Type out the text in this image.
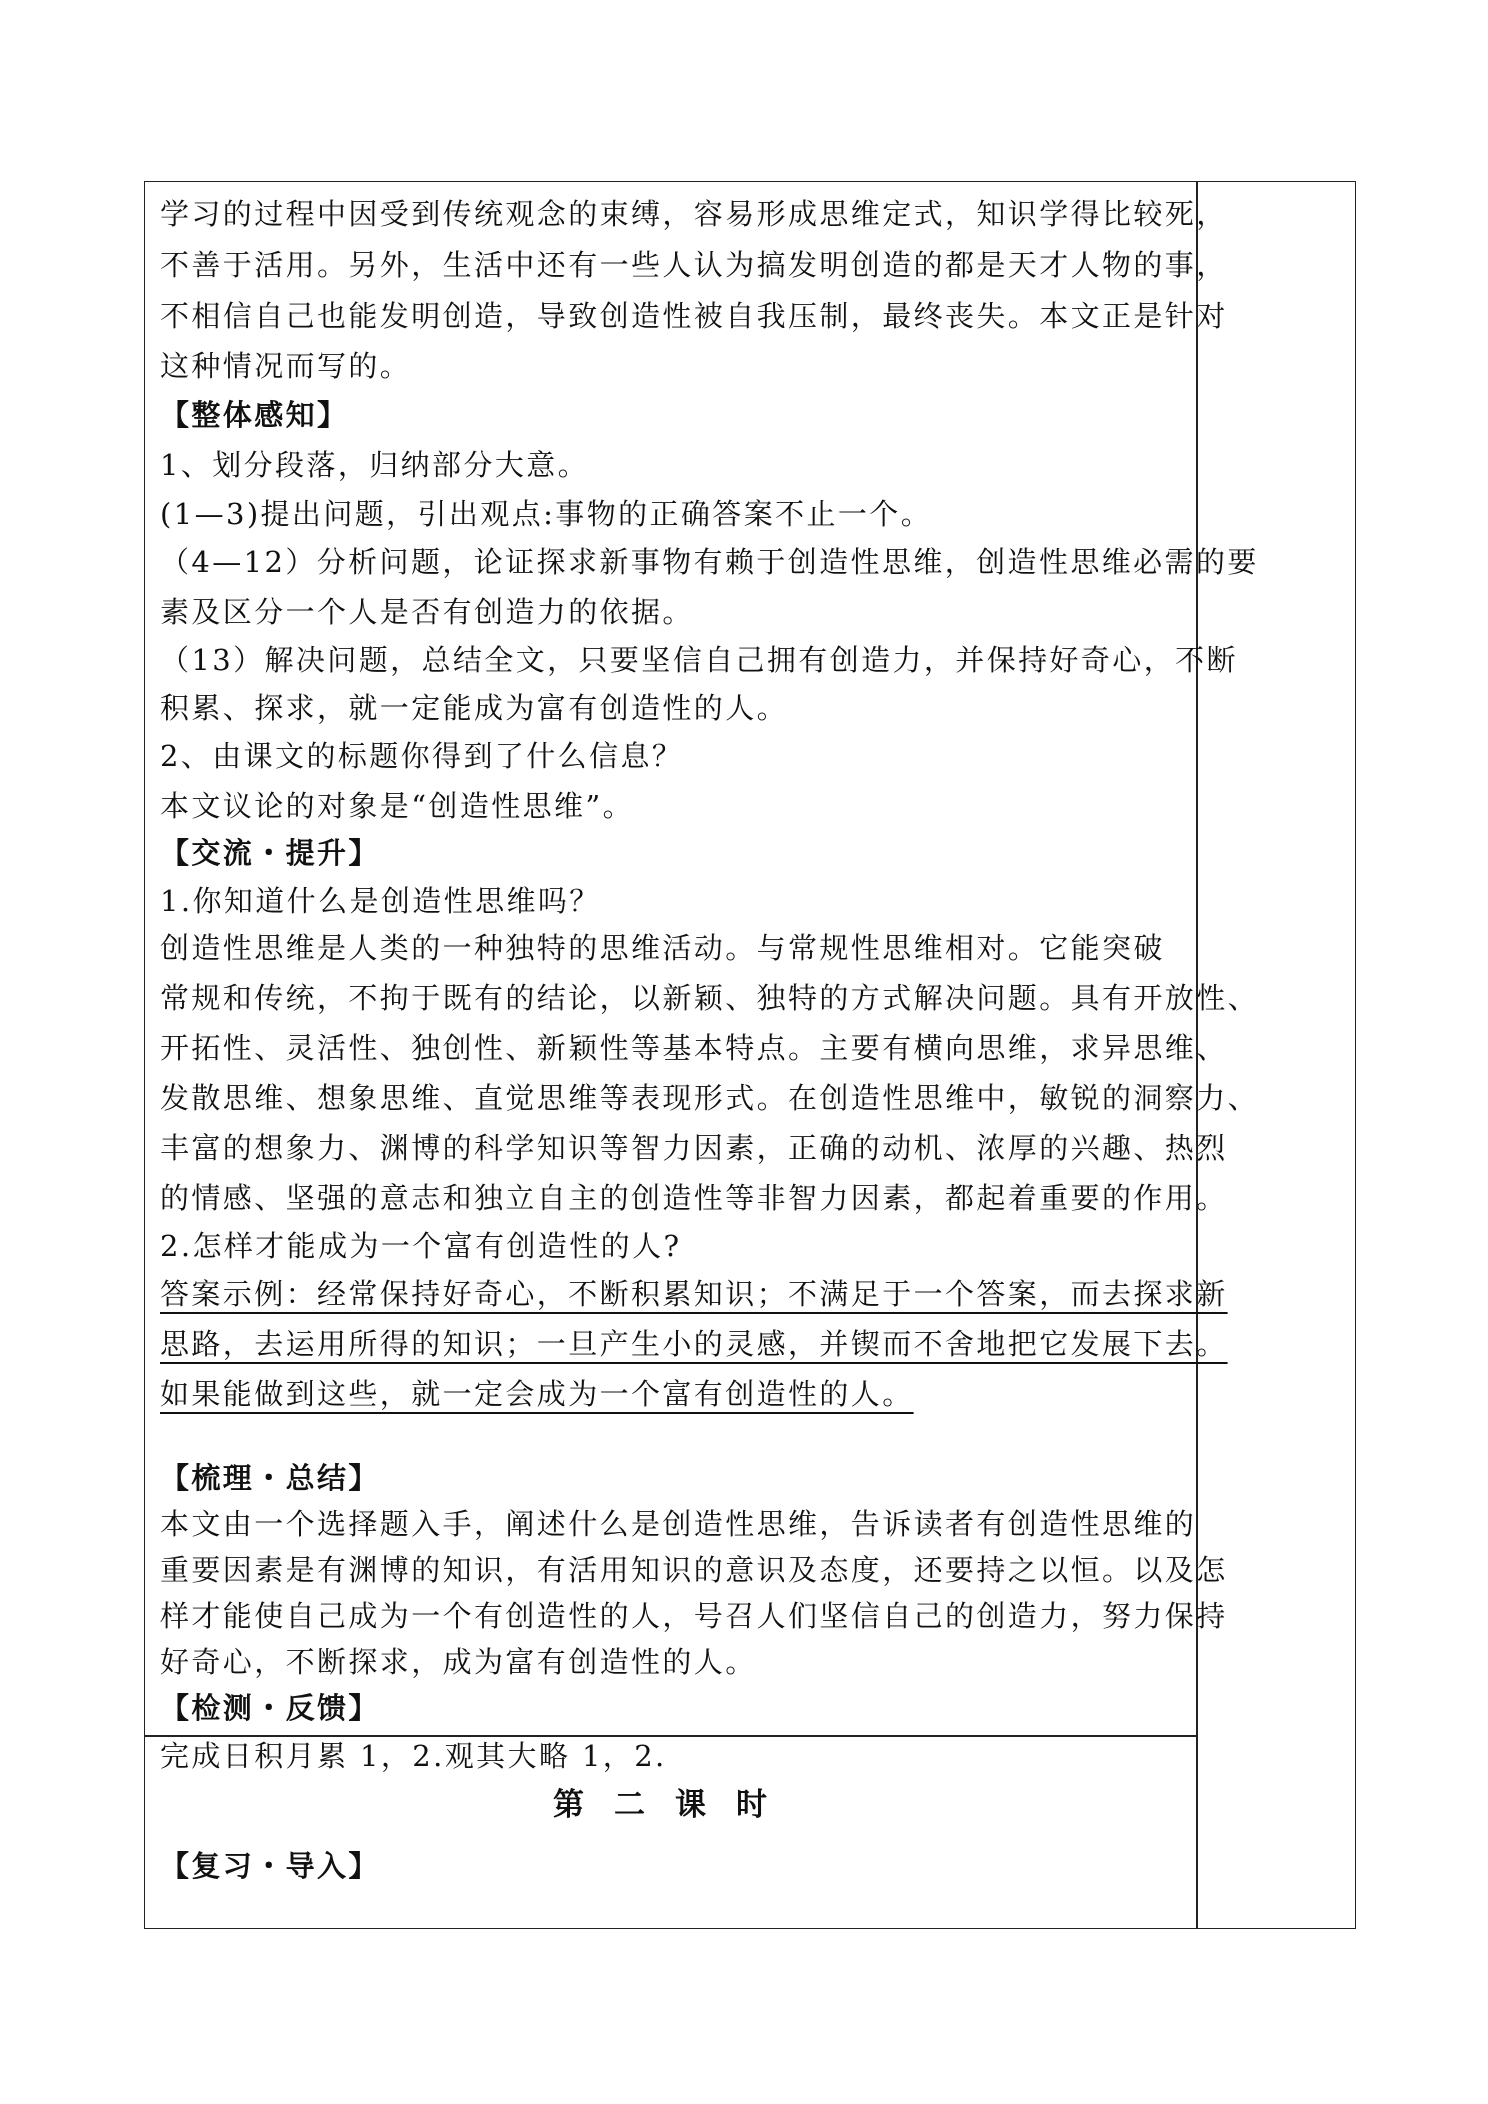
学习的过程中因受到传统观念的束缚，容易形成思维定式，知识学得比较死，
不善于活用。另外，生活中还有一些人认为搞发明创造的都是天才人物的事，
不相信自己也能发明创造，导致创造性被自我压制，最终丧失。本文正是针对
这种情况而写的。
【整体感知】
1、划分段落，归纳部分大意。
(1—3)提出问题，引出观点:事物的正确答案不止一个。
（4—12）分析问题，论证探求新事物有赖于创造性思维，创造性思维必需的要
素及区分一个人是否有创造力的依据。
（13）解决问题，总结全文，只要坚信自己拥有创造力，并保持好奇心，不断
积累、探求，就一定能成为富有创造性的人。
2、由课文的标题你得到了什么信息？
本文议论的对象是“创造性思维”。
【交流・提升】
1.你知道什么是创造性思维吗？
创造性思维是人类的一种独特的思维活动。与常规性思维相对。它能突破
常规和传统，不拘于既有的结论，以新颖、独特的方式解决问题。具有开放性、
开拓性、灵活性、独创性、新颖性等基本特点。主要有横向思维，求异思维、
发散思维、想象思维、直觉思维等表现形式。在创造性思维中，敏锐的洞察力、
丰富的想象力、渊博的科学知识等智力因素，正确的动机、浓厚的兴趣、热烈
的情感、坚强的意志和独立自主的创造性等非智力因素，都起着重要的作用。
2.怎样才能成为一个富有创造性的人?
答案示例：经常保持好奇心，不断积累知识；不满足于一个答案，而去探求新
思路，去运用所得的知识；一旦产生小的灵感，并锲而不舍地把它发展下去。
如果能做到这些，就一定会成为一个富有创造性的人。
【梳理・总结】
本文由一个选择题入手，阐述什么是创造性思维，告诉读者有创造性思维的
重要因素是有渊博的知识，有活用知识的意识及态度，还要持之以恒。以及怎
样才能使自己成为一个有创造性的人，号召人们坚信自己的创造力，努力保持
好奇心，不断探求，成为富有创造性的人。
【检测・反馈】
完成日积月累 1，2.观其大略 1，2.
第二课时
【复习・导入】
